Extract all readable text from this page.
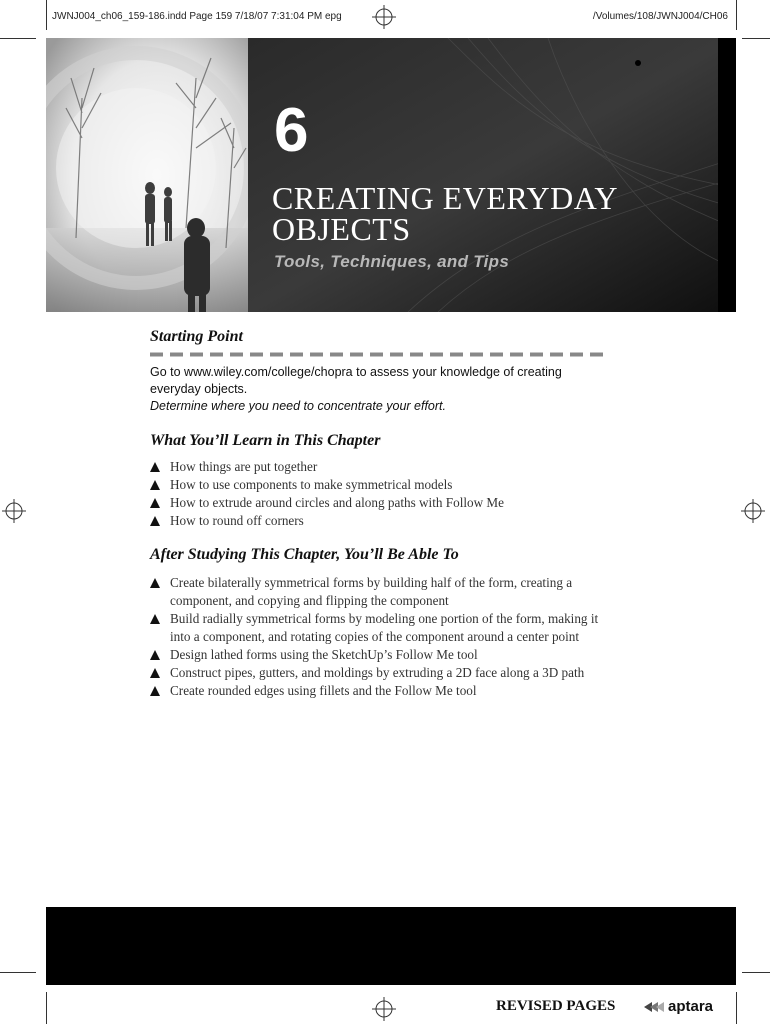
JWNJ004_ch06_159-186.indd Page 159 7/18/07 7:31:04 PM epg	/Volumes/108/JWNJ004/CH06
6
CREATING EVERYDAY
OBJECTS
Tools, Techniques, and Tips
Starting Point
Go to www.wiley.com/college/chopra to assess your knowledge of creating everyday objects.
Determine where you need to concentrate your effort.
What You’ll Learn in This Chapter
How things are put together
How to use components to make symmetrical models
How to extrude around circles and along paths with Follow Me
How to round off corners
After Studying This Chapter, You’ll Be Able To
Create bilaterally symmetrical forms by building half of the form, creating a component, and copying and flipping the component
Build radially symmetrical forms by modeling one portion of the form, making it into a component, and rotating copies of the component around a center point
Design lathed forms using the SketchUp’s Follow Me tool
Construct pipes, gutters, and moldings by extruding a 2D face along a 3D path
Create rounded edges using fillets and the Follow Me tool
REVISED PAGES	aptara
